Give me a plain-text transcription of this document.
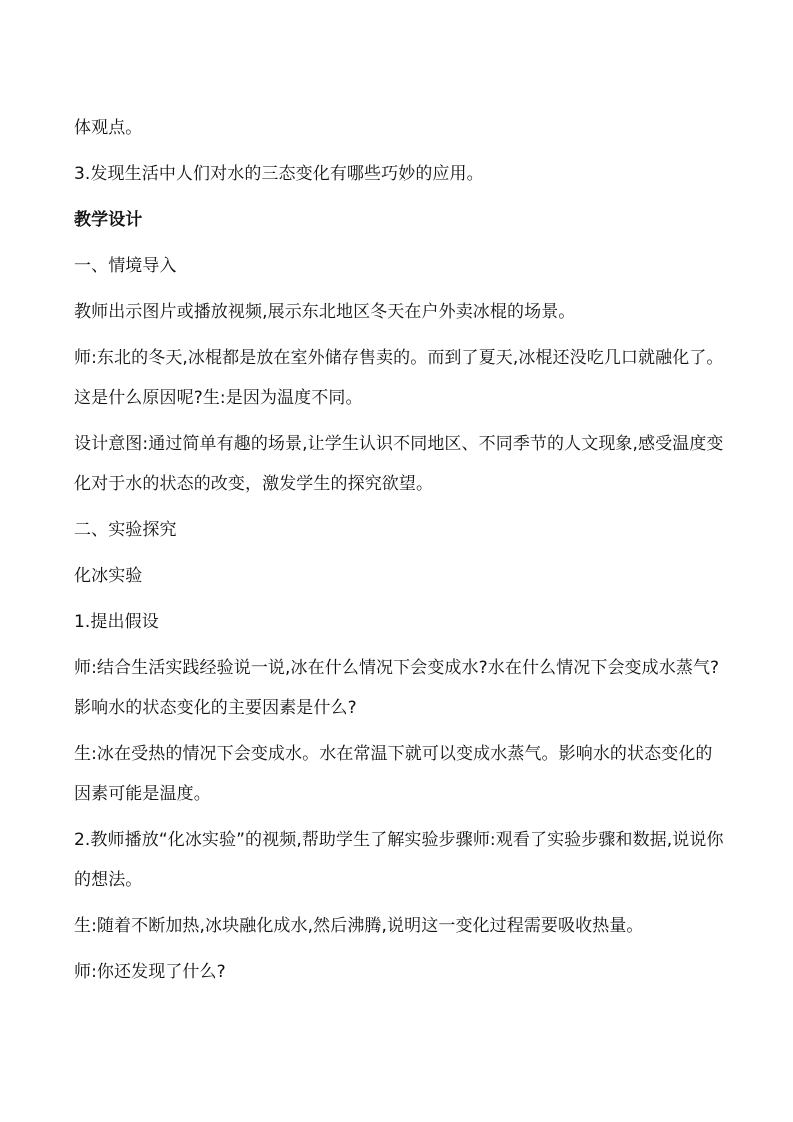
体观点。

3.发现生活中人们对水的三态变化有哪些巧妙的应用。

教学设计

一、情境导入

教师出示图片或播放视频,展示东北地区冬天在户外卖冰棍的场景。

师:东北的冬天,冰棍都是放在室外储存售卖的。而到了夏天,冰棍还没吃几口就融化了。这是什么原因呢?生:是因为温度不同。

设计意图:通过简单有趣的场景,让学生认识不同地区、不同季节的人文现象,感受温度变化对于水的状态的改变，激发学生的探究欲望。

二、实验探究

化冰实验

1.提出假设

师:结合生活实践经验说一说,冰在什么情况下会变成水?水在什么情况下会变成水蒸气?影响水的状态变化的主要因素是什么?

生:冰在受热的情况下会变成水。水在常温下就可以变成水蒸气。影响水的状态变化的因素可能是温度。

2.教师播放“化冰实验”的视频,帮助学生了解实验步骤师:观看了实验步骤和数据,说说你的想法。

生:随着不断加热,冰块融化成水,然后沸腾,说明这一变化过程需要吸收热量。

师:你还发现了什么?
